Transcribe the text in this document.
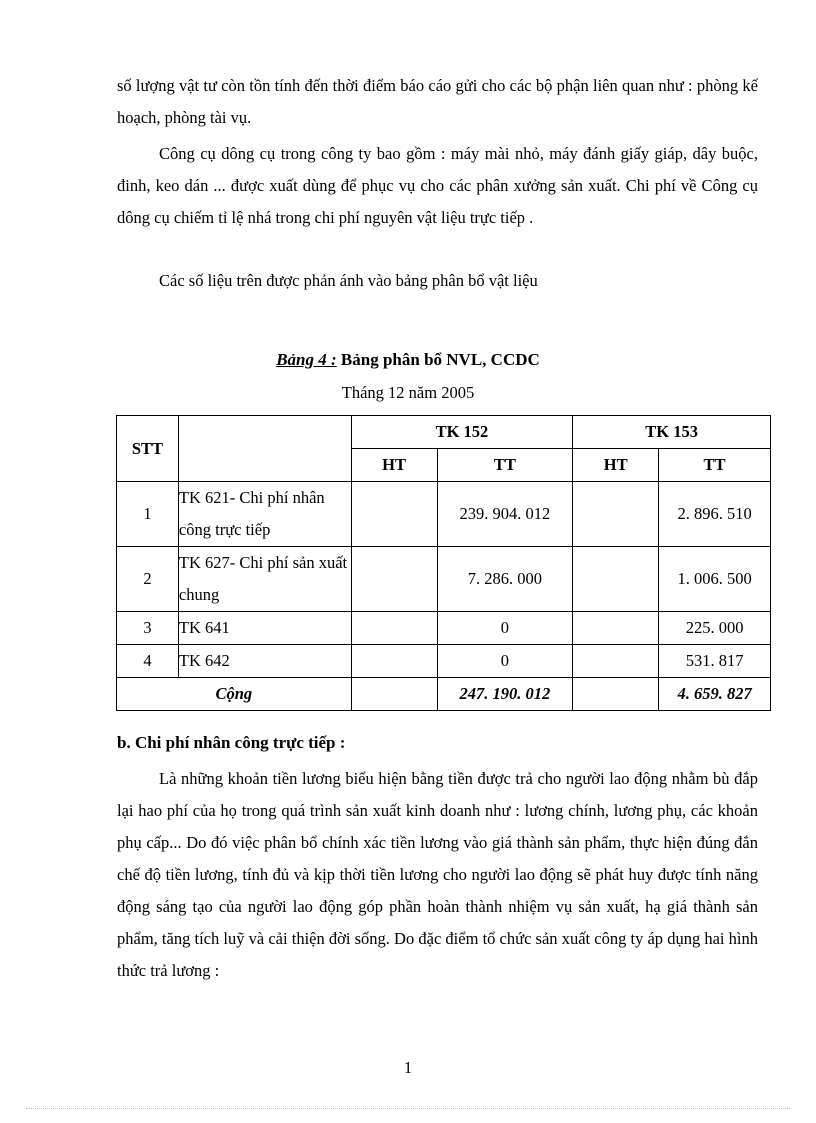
số lượng vật tư còn tồn tính đến thời điểm báo cáo gửi cho các bộ phận liên quan như : phòng kế hoạch, phòng tài vụ.

Công cụ dông cụ trong công ty bao gồm : máy mài nhỏ, máy đánh giấy giáp, dây buộc, đinh, keo dán ... được xuất dùng để phục vụ cho các phân xưởng sản xuất. Chi phí về Công cụ dông cụ chiếm tỉ lệ nhá trong chi phí nguyên vật liệu trực tiếp .

Các số liệu trên được phản ánh vào bảng phân bổ vật liệu

Bảng 4 : Bảng phân bổ NVL, CCDC
Tháng 12 năm 2005
STT		TK 152		TK 153	
		HT	TT	HT	TT
1	TK 621- Chi phí nhân công trực tiếp		239. 904. 012		2. 896. 510
2	TK 627- Chi phí sản xuất chung		7. 286. 000		1. 006. 500
3	TK 641		0		225. 000
4	TK 642		0		531. 817
Cộng			247. 190. 012		4. 659. 827
b. Chi phí nhân công trực tiếp :

Là những khoản tiền lương biểu hiện bằng tiền được trả cho người lao động nhằm bù đắp lại hao phí của họ trong quá trình sản xuất kinh doanh như : lương chính, lương phụ, các khoản phụ cấp... Do đó việc phân bổ chính xác tiền lương vào giá thành sản phẩm, thực hiện đúng đắn chế độ tiền lương, tính đủ và kịp thời tiền lương cho người lao động sẽ phát huy được tính năng động sáng tạo của người lao động góp phần hoàn thành nhiệm vụ sản xuất, hạ giá thành sản phẩm, tăng tích luỹ và cải thiện đời sống. Do đặc điểm tổ chức sản xuất công ty áp dụng hai hình thức trả lương :

1
